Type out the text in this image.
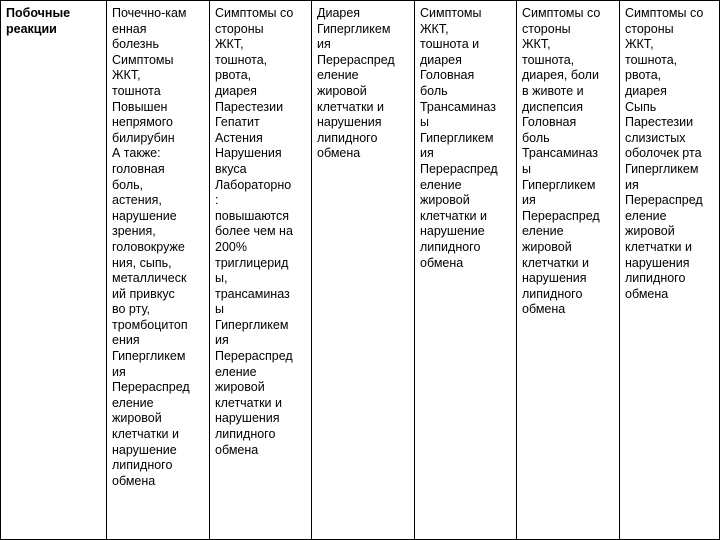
Побочные
реакции
Почечно-кам
енная
болезнь
Симптомы
ЖКТ,
тошнота
Повышен
непрямого
билирубин
А также:
головная
боль,
астения,
нарушение
зрения,
головокруже
ния, сыпь,
металлическ
ий привкус
во рту,
тромбоцитоп
ения
Гипергликем
ия
Перераспред
еление
жировой
клетчатки и
нарушение
липидного
обмена
Симптомы со
стороны
ЖКТ,
тошнота,
рвота,
диарея
Парестезии
Гепатит
Астения
Нарушения
вкуса
Лабораторно
:
повышаются
более чем на
200%
триглицерид
ы,
трансаминаз
ы
Гипергликем
ия
Перераспред
еление
жировой
клетчатки и
нарушения
липидного
обмена
Диарея
Гипергликем
ия
Перераспред
еление
жировой
клетчатки и
нарушения
липидного
обмена
Симптомы
ЖКТ,
тошнота и
диарея
Головная
боль
Трансаминаз
ы
Гипергликем
ия
Перераспред
еление
жировой
клетчатки и
нарушение
липидного
обмена
Симптомы со
стороны
ЖКТ,
тошнота,
диарея, боли
в животе и
диспепсия
Головная
боль
Трансаминаз
ы
Гипергликем
ия
Перераспред
еление
жировой
клетчатки и
нарушения
липидного
обмена
Симптомы со
стороны
ЖКТ,
тошнота,
рвота,
диарея
Сыпь
Парестезии
слизистых
оболочек рта
Гипергликем
ия
Перераспред
еление
жировой
клетчатки и
нарушения
липидного
обмена
